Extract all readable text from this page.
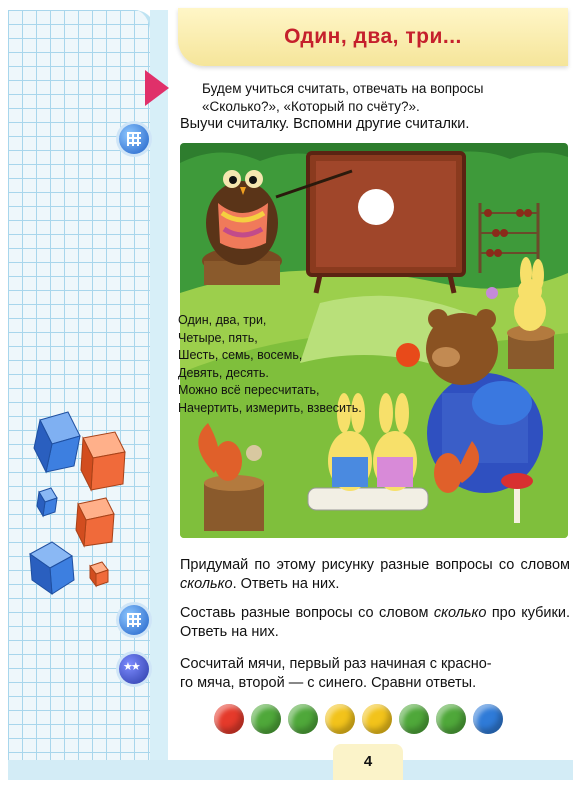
Один, два, три...
Будем учиться считать, отвечать на вопросы
«Сколько?», «Который по счёту?».
Выучи считалку. Вспомни другие считалки.
Один, два, три,
Четыре, пять,
Шесть, семь, восемь,
Девять, десять.
Можно всё пересчитать,
Начертить, измерить, взвесить.
Придумай по этому рисунку разные вопросы со словом сколько. Ответь на них.
Составь разные вопросы со словом сколько про кубики. Ответь на них.
★★
Сосчитай мячи, первый раз начиная с красно-
го мяча, второй — с синего. Сравни ответы.
4
